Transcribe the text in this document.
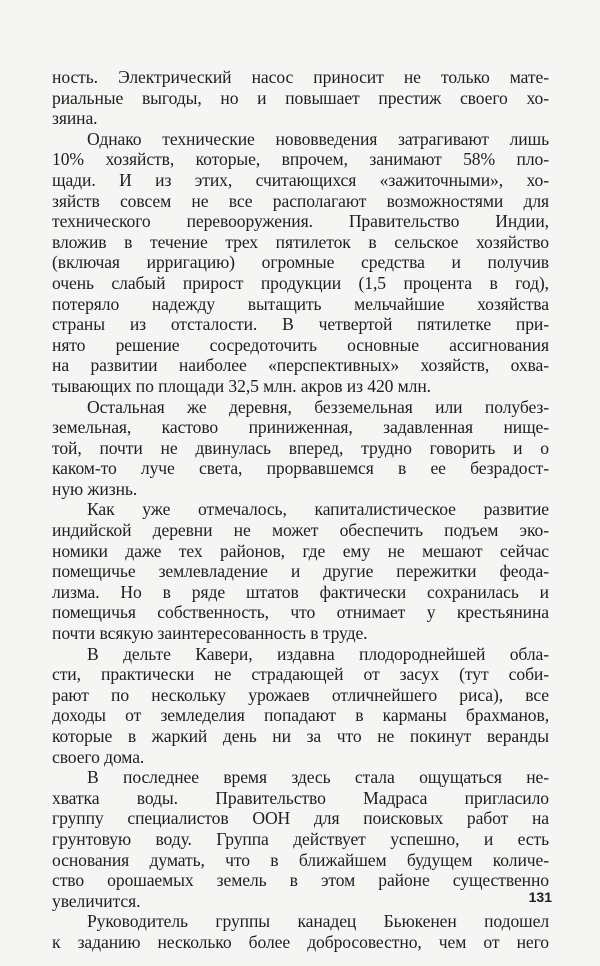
ность. Электрический насос приносит не только мате-
риальные выгоды, но и повышает престиж своего хо-
зяина.

Однако технические нововведения затрагивают лишь
10% хозяйств, которые, впрочем, занимают 58% пло-
щади. И из этих, считающихся «зажиточными», хо-
зяйств совсем не все располагают возможностями для
технического перевооружения. Правительство Индии,
вложив в течение трех пятилеток в сельское хозяйство
(включая ирригацию) огромные средства и получив
очень слабый прирост продукции (1,5 процента в год),
потеряло надежду вытащить мельчайшие хозяйства
страны из отсталости. В четвертой пятилетке при-
нято решение сосредоточить основные ассигнования
на развитии наиболее «перспективных» хозяйств, охва-
тывающих по площади 32,5 млн. акров из 420 млн.

Остальная же деревня, безземельная или полубез-
земельная, кастово приниженная, задавленная нище-
той, почти не двинулась вперед, трудно говорить и о
каком-то луче света, прорвавшемся в ее безрадост-
ную жизнь.

Как уже отмечалось, капиталистическое развитие
индийской деревни не может обеспечить подъем эко-
номики даже тех районов, где ему не мешают сейчас
помещичье землевладение и другие пережитки феода-
лизма. Но в ряде штатов фактически сохранилась и
помещичья собственность, что отнимает у крестьянина
почти всякую заинтересованность в труде.

В дельте Кавери, издавна плодороднейшей обла-
сти, практически не страдающей от засух (тут соби-
рают по нескольку урожаев отличнейшего риса), все
доходы от земледелия попадают в карманы брахманов,
которые в жаркий день ни за что не покинут веранды
своего дома.

В последнее время здесь стала ощущаться не-
хватка воды. Правительство Мадраса пригласило
группу специалистов ООН для поисковых работ на
грунтовую воду. Группа действует успешно, и есть
основания думать, что в ближайшем будущем количе-
ство орошаемых земель в этом районе существенно
увеличится.

Руководитель группы канадец Бьюкенен подошел
к заданию несколько более добросовестно, чем от него

131
